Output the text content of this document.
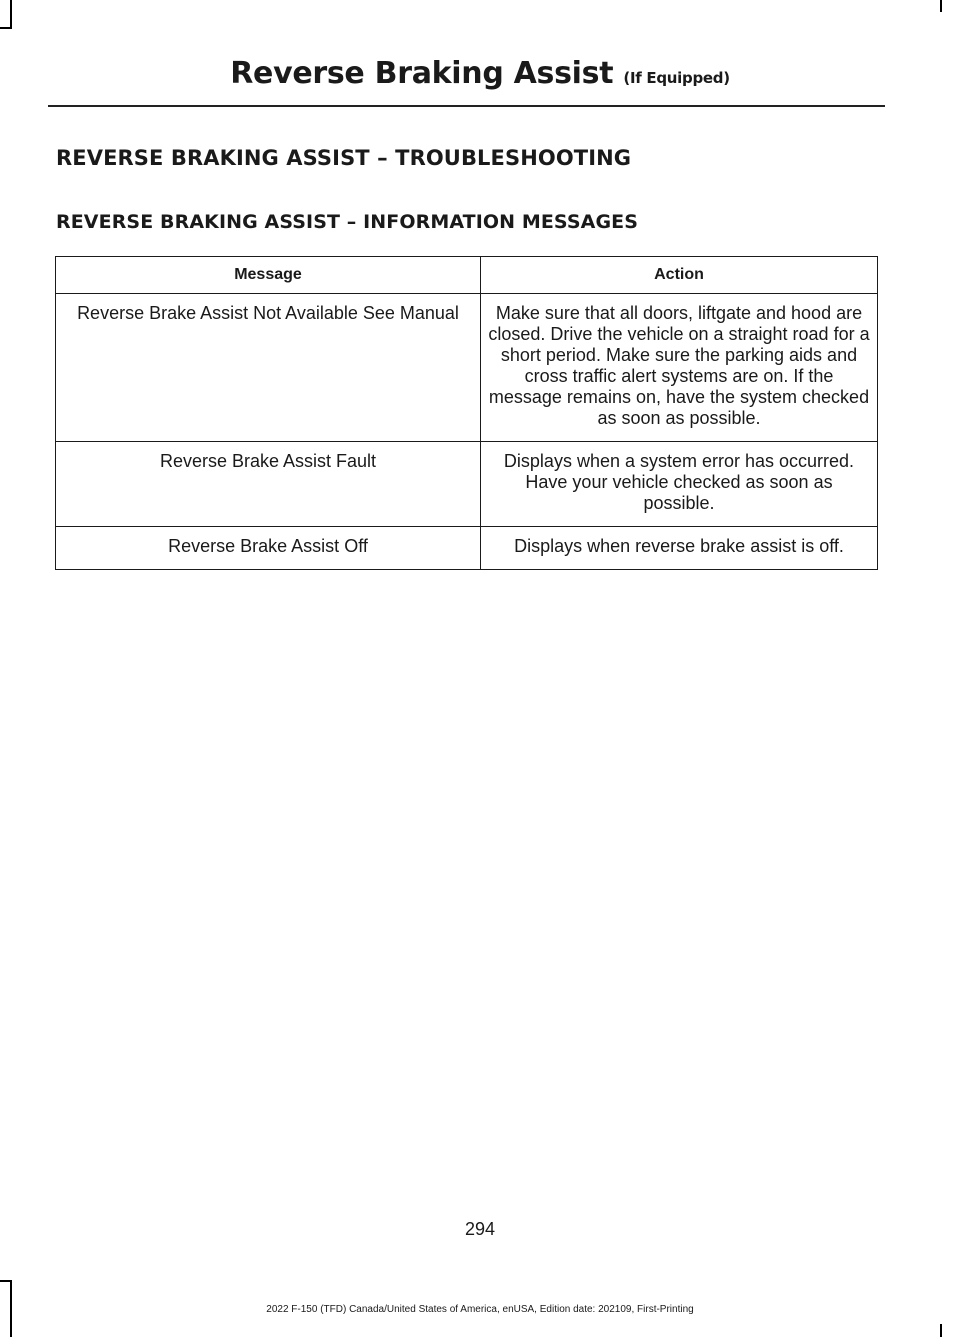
Reverse Braking Assist (If Equipped)
REVERSE BRAKING ASSIST – TROUBLESHOOTING
REVERSE BRAKING ASSIST – INFORMATION MESSAGES
Message	Action
Reverse Brake Assist Not Available See Manual	Make sure that all doors, liftgate and hood are closed. Drive the vehicle on a straight road for a short period. Make sure the parking aids and cross traffic alert systems are on. If the message remains on, have the system checked as soon as possible.
Reverse Brake Assist Fault	Displays when a system error has occurred. Have your vehicle checked as soon as possible.
Reverse Brake Assist Off	Displays when reverse brake assist is off.
294
2022 F-150 (TFD) Canada/United States of America, enUSA, Edition date: 202109, First-Printing
